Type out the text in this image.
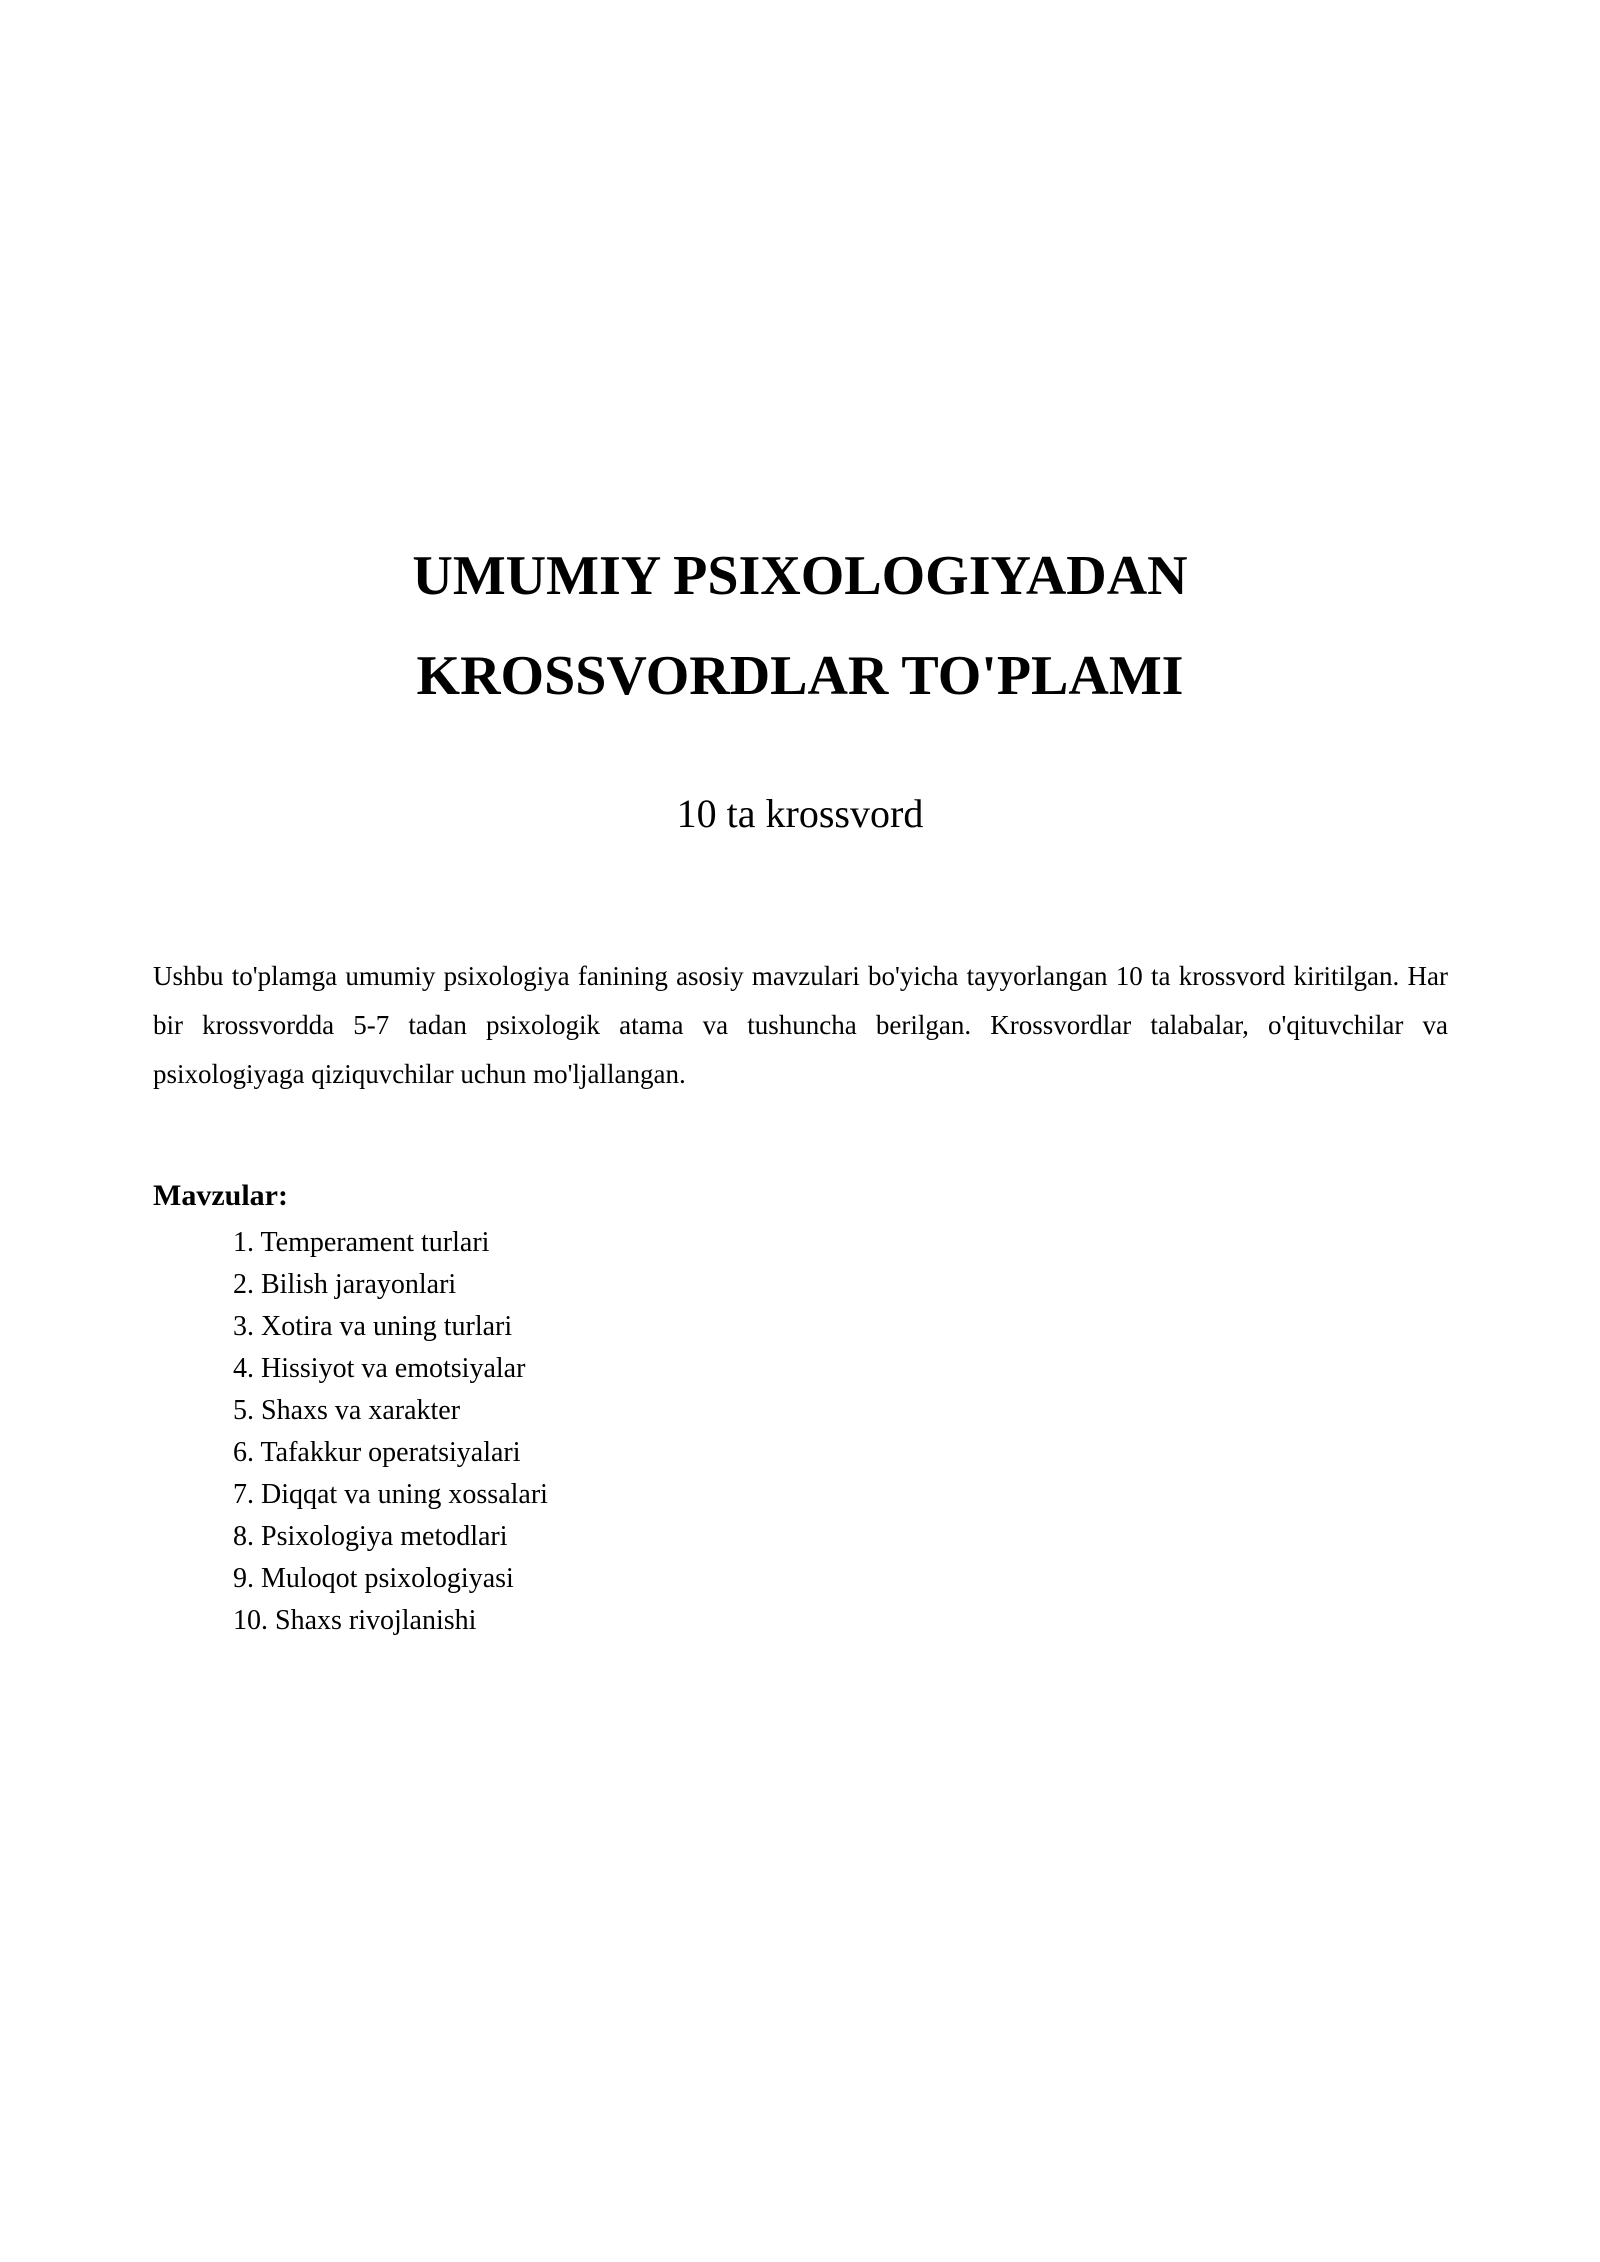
UMUMIY PSIXOLOGIYADAN
KROSSVORDLAR TO'PLAMI

10 ta krossvord

Ushbu to'plamga umumiy psixologiya fanining asosiy mavzulari bo'yicha tayyorlangan 10 ta krossvord kiritilgan. Har bir krossvordda 5-7 tadan psixologik atama va tushuncha berilgan. Krossvordlar talabalar, o'qituvchilar va psixologiyaga qiziquvchilar uchun mo'ljallangan.

Mavzular:
1. Temperament turlari
2. Bilish jarayonlari
3. Xotira va uning turlari
4. Hissiyot va emotsiyalar
5. Shaxs va xarakter
6. Tafakkur operatsiyalari
7. Diqqat va uning xossalari
8. Psixologiya metodlari
9. Muloqot psixologiyasi
10. Shaxs rivojlanishi
